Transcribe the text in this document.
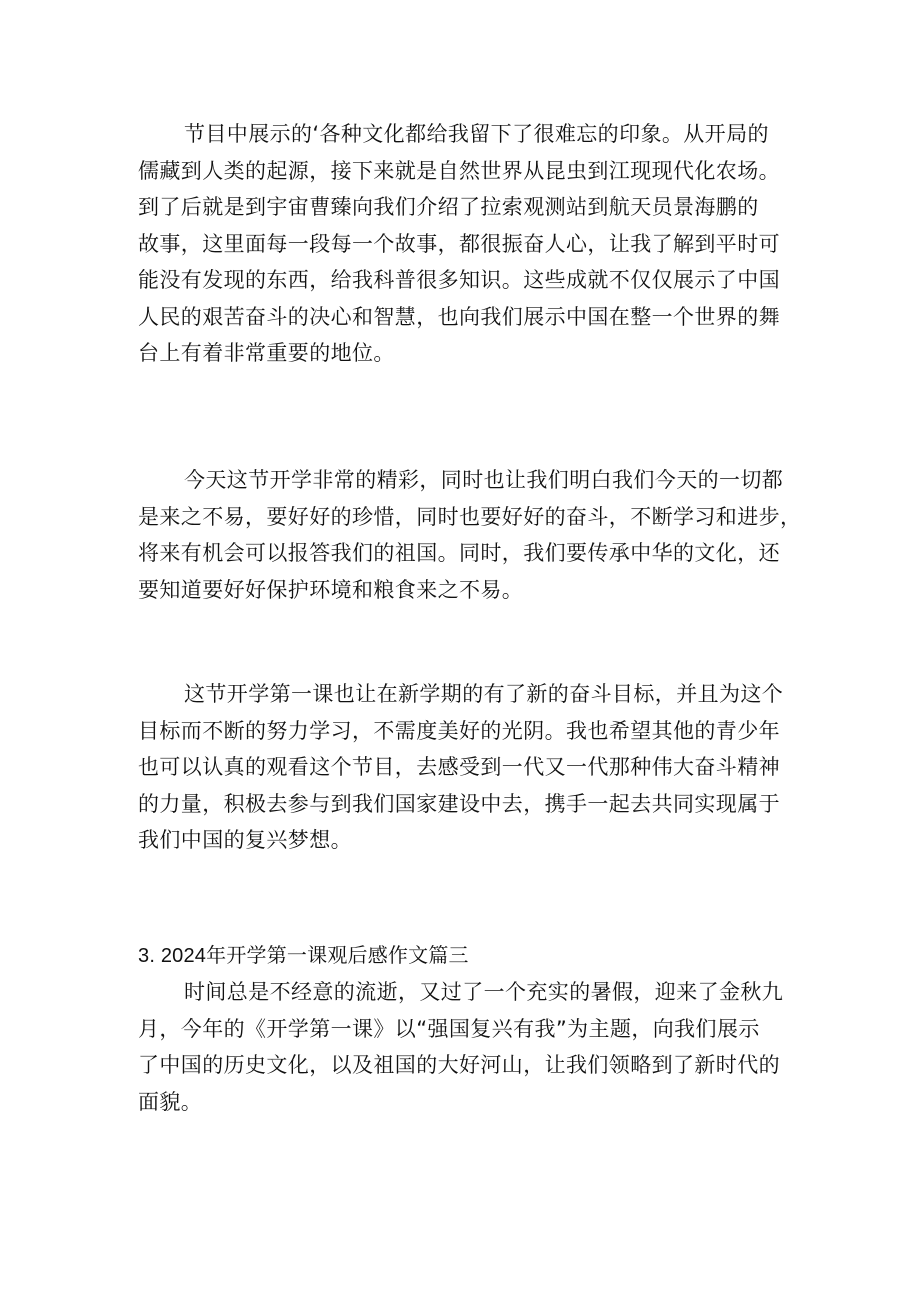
节目中展示的‘各种文化都给我留下了很难忘的印象。从开局的
儒藏到人类的起源，接下来就是自然世界从昆虫到江现现代化农场。
到了后就是到宇宙曹臻向我们介绍了拉索观测站到航天员景海鹏的
故事，这里面每一段每一个故事，都很振奋人心，让我了解到平时可
能没有发现的东西，给我科普很多知识。这些成就不仅仅展示了中国
人民的艰苦奋斗的决心和智慧，也向我们展示中国在整一个世界的舞
台上有着非常重要的地位。
今天这节开学非常的精彩，同时也让我们明白我们今天的一切都
是来之不易，要好好的珍惜，同时也要好好的奋斗，不断学习和进步，
将来有机会可以报答我们的祖国。同时，我们要传承中华的文化，还
要知道要好好保护环境和粮食来之不易。
这节开学第一课也让在新学期的有了新的奋斗目标，并且为这个
目标而不断的努力学习，不需度美好的光阴。我也希望其他的青少年
也可以认真的观看这个节目，去感受到一代又一代那种伟大奋斗精神
的力量，积极去参与到我们国家建设中去，携手一起去共同实现属于
我们中国的复兴梦想。
3. 2024年开学第一课观后感作文篇三
时间总是不经意的流逝，又过了一个充实的暑假，迎来了金秋九
月，今年的《开学第一课》以“强国复兴有我”为主题，向我们展示
了中国的历史文化，以及祖国的大好河山，让我们领略到了新时代的
面貌。
